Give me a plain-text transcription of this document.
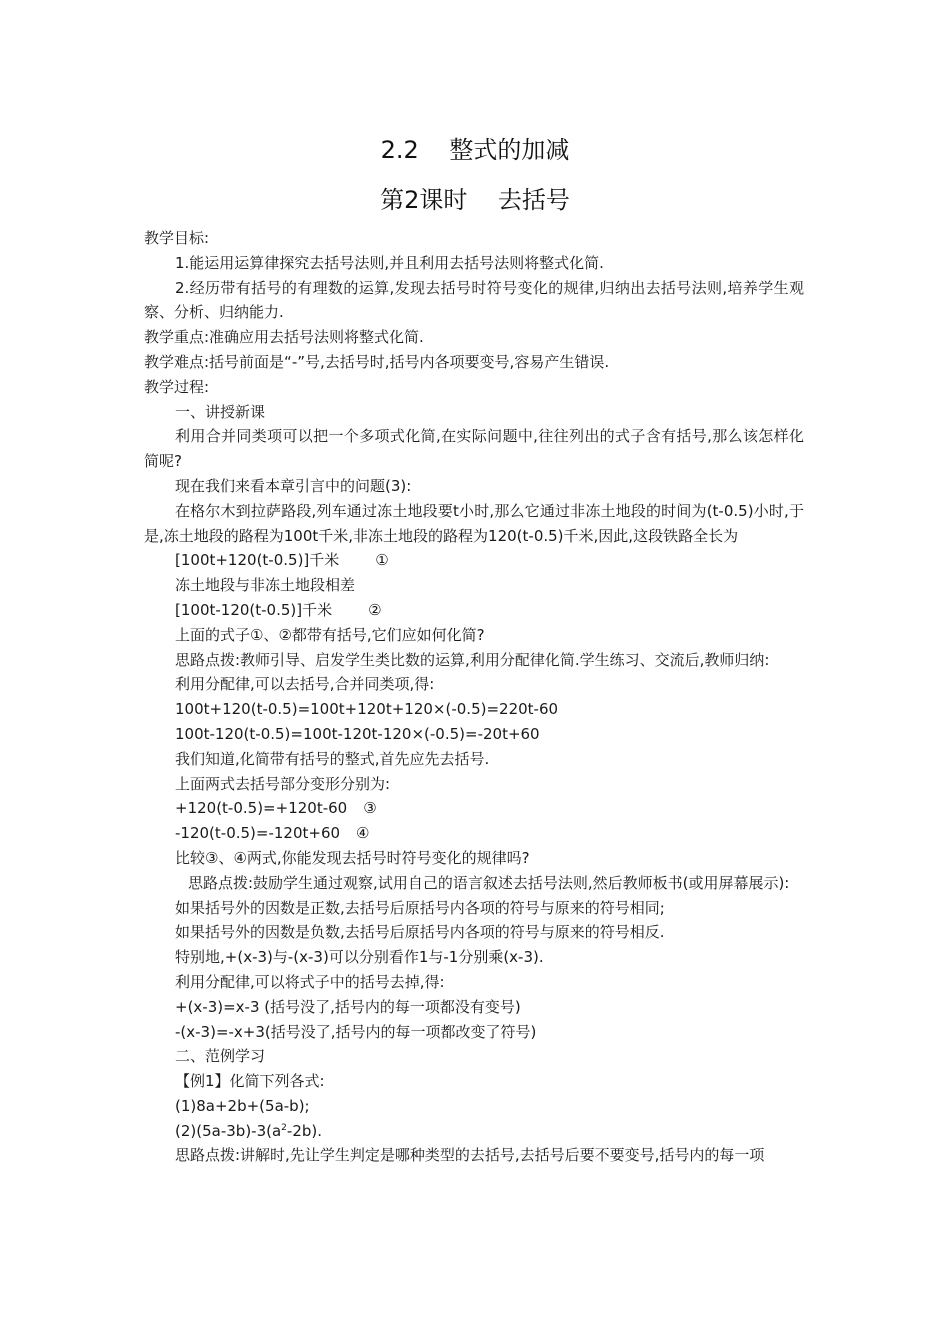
2.2    整式的加减
第2课时    去括号

教学目标:

1.能运用运算律探究去括号法则,并且利用去括号法则将整式化简.

2.经历带有括号的有理数的运算,发现去括号时符号变化的规律,归纳出去括号法则,培养学生观察、分析、归纳能力.

教学重点:准确应用去括号法则将整式化简.

教学难点:括号前面是“-”号,去括号时,括号内各项要变号,容易产生错误.

教学过程:

一、讲授新课

利用合并同类项可以把一个多项式化简,在实际问题中,往往列出的式子含有括号,那么该怎样化简呢?

现在我们来看本章引言中的问题(3):

在格尔木到拉萨路段,列车通过冻土地段要t小时,那么它通过非冻土地段的时间为(t-0.5)小时,于是,冻土地段的路程为100t千米,非冻土地段的路程为120(t-0.5)千米,因此,这段铁路全长为

[100t+120(t-0.5)]千米 ①

冻土地段与非冻土地段相差

[100t-120(t-0.5)]千米 ②

上面的式子①、②都带有括号,它们应如何化简?

思路点拨:教师引导、启发学生类比数的运算,利用分配律化简.学生练习、交流后,教师归纳:

利用分配律,可以去括号,合并同类项,得:

100t+120(t-0.5)=100t+120t+120×(-0.5)=220t-60

100t-120(t-0.5)=100t-120t-120×(-0.5)=-20t+60

我们知道,化简带有括号的整式,首先应先去括号.

上面两式去括号部分变形分别为:

+120(t-0.5)=+120t-60 ③

-120(t-0.5)=-120t+60 ④

比较③、④两式,你能发现去括号时符号变化的规律吗?

思路点拨:鼓励学生通过观察,试用自己的语言叙述去括号法则,然后教师板书(或用屏幕展示):

如果括号外的因数是正数,去括号后原括号内各项的符号与原来的符号相同;

如果括号外的因数是负数,去括号后原括号内各项的符号与原来的符号相反.

特别地,+(x-3)与-(x-3)可以分别看作1与-1分别乘(x-3).

利用分配律,可以将式子中的括号去掉,得:

+(x-3)=x-3 (括号没了,括号内的每一项都没有变号)

-(x-3)=-x+3(括号没了,括号内的每一项都改变了符号)

二、范例学习

【例1】化简下列各式:

(1)8a+2b+(5a-b);

$(2)(5a-3b)-3(a^2-2b)$.

思路点拨:讲解时,先让学生判定是哪种类型的去括号,去括号后要不要变号,括号内的每一项
